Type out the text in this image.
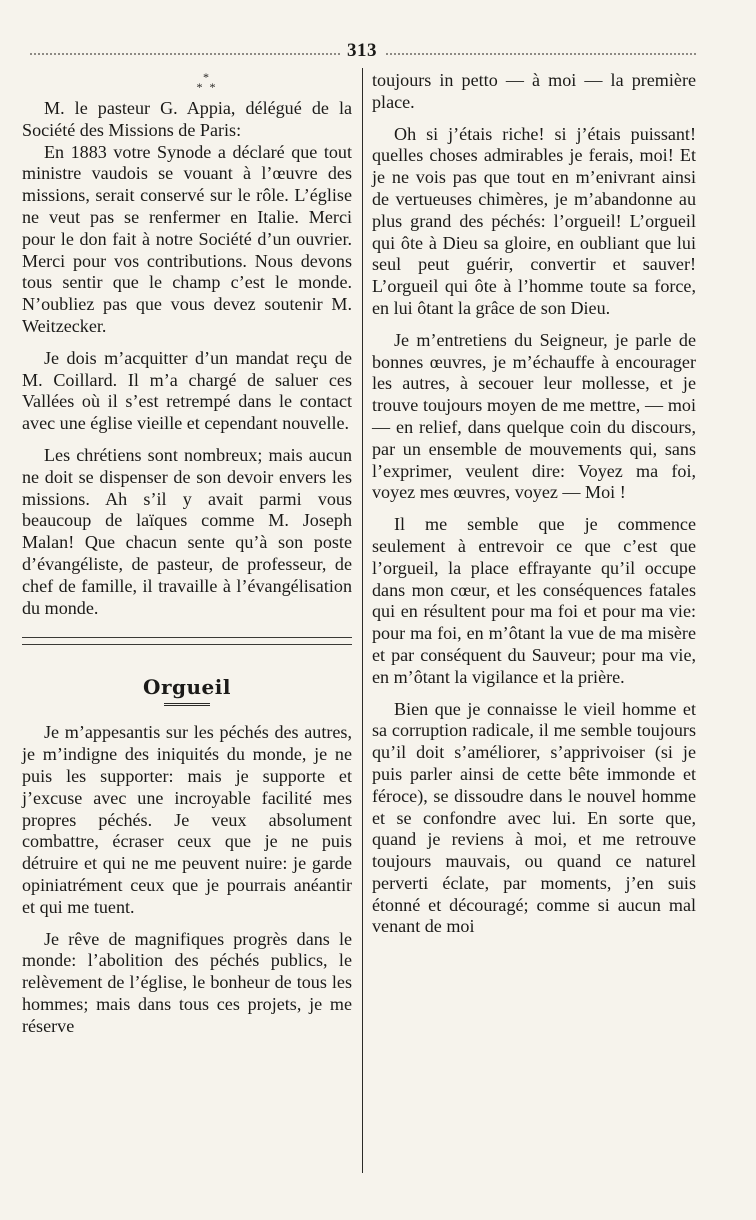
313
*
* *

M. le pasteur G. Appia, délégué de la Société des Missions de Paris:

En 1883 votre Synode a déclaré que tout ministre vaudois se vouant à l’œuvre des missions, serait conservé sur le rôle. L’église ne veut pas se renfermer en Italie. Merci pour le don fait à notre Société d’un ouvrier. Merci pour vos contributions. Nous devons tous sentir que le champ c’est le monde. N’oubliez pas que vous devez soutenir M. Weitzecker.

Je dois m’acquitter d’un mandat reçu de M. Coillard. Il m’a chargé de saluer ces Vallées où il s’est retrempé dans le contact avec une église vieille et cependant nouvelle.

Les chrétiens sont nombreux; mais aucun ne doit se dispenser de son devoir envers les missions. Ah s’il y avait parmi vous beaucoup de laïques comme M. Joseph Malan! Que chacun sente qu’à son poste d’évangéliste, de pasteur, de professeur, de chef de famille, il travaille à l’évangélisation du monde.

Orgueil

Je m’appesantis sur les péchés des autres, je m’indigne des iniquités du monde, je ne puis les supporter: mais je supporte et j’excuse avec une incroyable facilité mes propres péchés. Je veux absolument combattre, écraser ceux que je ne puis détruire et qui ne me peuvent nuire: je garde opiniatrément ceux que je pourrais anéantir et qui me tuent.

Je rêve de magnifiques progrès dans le monde: l’abolition des péchés publics, le relèvement de l’église, le bonheur de tous les hommes; mais dans tous ces projets, je me réserve

toujours in petto — à moi — la première place.

Oh si j’étais riche! si j’étais puissant! quelles choses admirables je ferais, moi! Et je ne vois pas que tout en m’enivrant ainsi de vertueuses chimères, je m’abandonne au plus grand des péchés: l’orgueil! L’orgueil qui ôte à Dieu sa gloire, en oubliant que lui seul peut guérir, convertir et sauver! L’orgueil qui ôte à l’homme toute sa force, en lui ôtant la grâce de son Dieu.

Je m’entretiens du Seigneur, je parle de bonnes œuvres, je m’échauffe à encourager les autres, à secouer leur mollesse, et je trouve toujours moyen de me mettre, — moi — en relief, dans quelque coin du discours, par un ensemble de mouvements qui, sans l’exprimer, veulent dire: Voyez ma foi, voyez mes œuvres, voyez — Moi !

Il me semble que je commence seulement à entrevoir ce que c’est que l’orgueil, la place effrayante qu’il occupe dans mon cœur, et les conséquences fatales qui en résultent pour ma foi et pour ma vie: pour ma foi, en m’ôtant la vue de ma misère et par conséquent du Sauveur; pour ma vie, en m’ôtant la vigilance et la prière.

Bien que je connaisse le vieil homme et sa corruption radicale, il me semble toujours qu’il doit s’améliorer, s’apprivoiser (si je puis parler ainsi de cette bête immonde et féroce), se dissoudre dans le nouvel homme et se confondre avec lui. En sorte que, quand je reviens à moi, et me retrouve toujours mauvais, ou quand ce naturel perverti éclate, par moments, j’en suis étonné et découragé; comme si aucun mal venant de moi
